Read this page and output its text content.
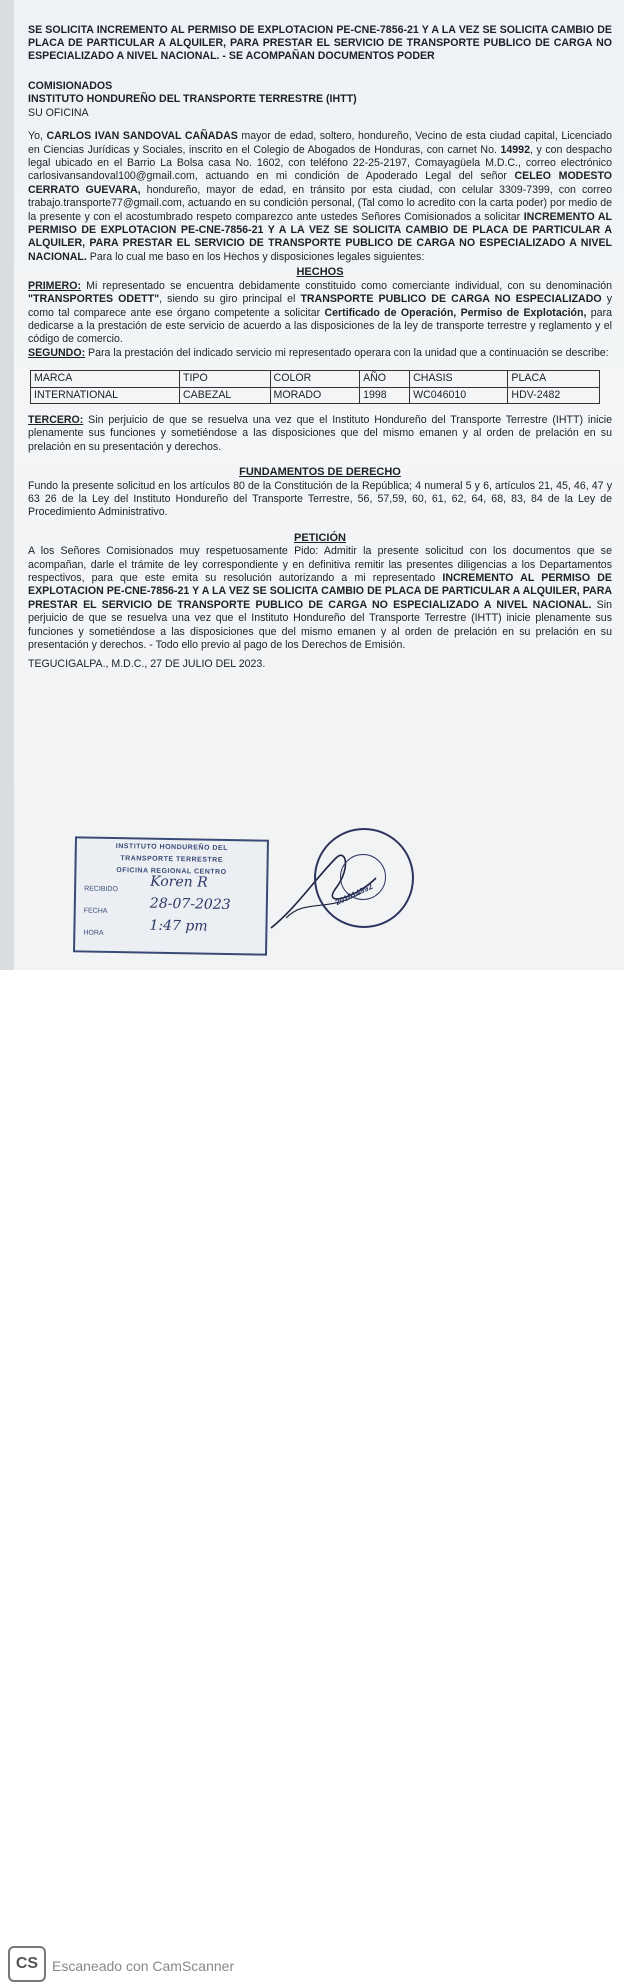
SE SOLICITA INCREMENTO AL PERMISO DE EXPLOTACION PE-CNE-7856-21 Y A LA VEZ SE SOLICITA CAMBIO DE PLACA DE PARTICULAR A ALQUILER, PARA PRESTAR EL SERVICIO DE TRANSPORTE PUBLICO DE CARGA NO ESPECIALIZADO A NIVEL NACIONAL. - SE ACOMPAÑAN DOCUMENTOS PODER

COMISIONADOS

INSTITUTO HONDUREÑO DEL TRANSPORTE TERRESTRE (IHTT)

SU OFICINA

Yo, CARLOS IVAN SANDOVAL CAÑADAS mayor de edad, soltero, hondureño, Vecino de esta ciudad capital, Licenciado en Ciencias Jurídicas y Sociales, inscrito en el Colegio de Abogados de Honduras, con carnet No. 14992, y con despacho legal ubicado en el Barrio La Bolsa casa No. 1602, con teléfono 22-25-2197, Comayagüela M.D.C., correo electrónico carlosivansandoval100@gmail.com, actuando en mi condición de Apoderado Legal del señor CELEO MODESTO CERRATO GUEVARA, hondureño, mayor de edad, en tránsito por esta ciudad, con celular 3309-7399, con correo trabajo.transporte77@gmail.com, actuando en su condición personal, (Tal como lo acredito con la carta poder) por medio de la presente y con el acostumbrado respeto comparezco ante ustedes Señores Comisionados a solicitar INCREMENTO AL PERMISO DE EXPLOTACION PE-CNE-7856-21 Y A LA VEZ SE SOLICITA CAMBIO DE PLACA DE PARTICULAR A ALQUILER, PARA PRESTAR EL SERVICIO DE TRANSPORTE PUBLICO DE CARGA NO ESPECIALIZADO A NIVEL NACIONAL. Para lo cual me baso en los Hechos y disposiciones legales siguientes:

HECHOS

PRIMERO: Mi representado se encuentra debidamente constituido como comerciante individual, con su denominación "TRANSPORTES ODETT", siendo su giro principal el TRANSPORTE PUBLICO DE CARGA NO ESPECIALIZADO y como tal comparece ante ese órgano competente a solicitar Certificado de Operación, Permiso de Explotación, para dedicarse a la prestación de este servicio de acuerdo a las disposiciones de la ley de transporte terrestre y reglamento y el código de comercio.

SEGUNDO: Para la prestación del indicado servicio mi representado operara con la unidad que a continuación se describe:

MARCA	TIPO	COLOR	AÑO	CHASIS	PLACA
INTERNATIONAL	CABEZAL	MORADO	1998	WC046010	HDV-2482

TERCERO: Sin perjuicio de que se resuelva una vez que el Instituto Hondureño del Transporte Terrestre (IHTT) inicie plenamente sus funciones y sometiéndose a las disposiciones que del mismo emanen y al orden de prelación en su prelación en su presentación y derechos.

FUNDAMENTOS DE DERECHO

Fundo la presente solicitud en los artículos 80 de la Constitución de la República; 4 numeral 5 y 6, artículos 21, 45, 46, 47 y 63 26 de la Ley del Instituto Hondureño del Transporte Terrestre, 56, 57,59, 60, 61, 62, 64, 68, 83, 84 de la Ley de Procedimiento Administrativo.

PETICIÓN

A los Señores Comisionados muy respetuosamente Pido: Admitir la presente solicitud con los documentos que se acompañan, darle el trámite de ley correspondiente y en definitiva remitir las presentes diligencias a los Departamentos respectivos, para que este emita su resolución autorizando a mi representado INCREMENTO AL PERMISO DE EXPLOTACION PE-CNE-7856-21 Y A LA VEZ SE SOLICITA CAMBIO DE PLACA DE PARTICULAR A ALQUILER, PARA PRESTAR EL SERVICIO DE TRANSPORTE PUBLICO DE CARGA NO ESPECIALIZADO A NIVEL NACIONAL. Sin perjuicio de que se resuelva una vez que el Instituto Hondureño del Transporte Terrestre (IHTT) inicie plenamente sus funciones y sometiéndose a las disposiciones que del mismo emanen y al orden de prelación en su prelación en su presentación y derechos. - Todo ello previo al pago de los Derechos de Emisión.

TEGUCIGALPA., M.D.C., 27 DE JULIO DEL 2023.

INSTITUTO HONDUREÑO DEL
TRANSPORTE TERRESTRE
OFICINA REGIONAL CENTRO
RECIBIDO Koren R
FECHA	28-07-2023
HORA	1:47 pm
201014992
CS Escaneado con CamScanner
